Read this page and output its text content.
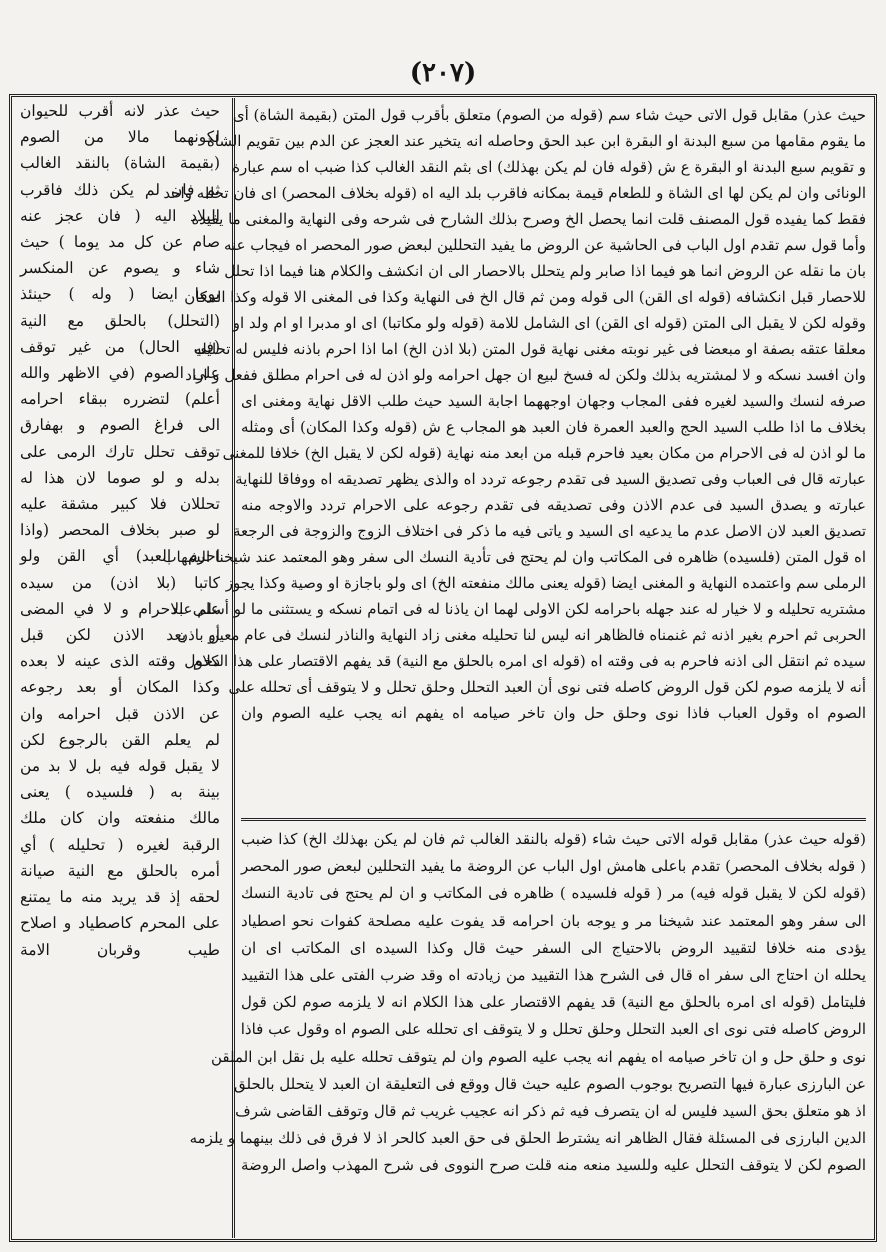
(٢٠٧)
حيث عذر لانه أقرب للحيوان
لكونهما مالا من الصوم
(بقيمة الشاة) بالنقد الغالب
ثم فان لم يكن ذلك فاقرب
البلاد اليه ( فان عجز عنه
صام عن كل مد يوما ) حيث
شاء و يصوم عن المنكسر
يوما ايضا ( وله ) حينئذ
(التحلل) بالحلق مع النية
(في الحال) من غير توقف
على الصوم (في الاظهر والله
أعلم) لتضرره ببقاء احرامه
الى فراغ الصوم و بهفارق
توقف تحلل تارك الرمى على
بدله و لو صوما لان هذا له
تحللان فلا كبير مشقة عليه
لو صبر بخلاف المحصر (واذا
احرم العبد) أي القن ولو
كاتبا (بلا اذن) من سيده
على الاحرام و لا في المضى
أو بعد الاذن لكن قبل
دخول وقته الذى عينه لا بعده
وكذا المكان أو بعد رجوعه
عن الاذن قبل احرامه وان
لم يعلم القن بالرجوع لكن
لا يقبل قوله فيه بل لا بد من
بينة به ( فلسيده ) يعنى
مالك منفعته وان كان ملك
الرقبة لغيره ( تحليله ) أي
أمره بالحلق مع النية صيانة
لحقه إذ قد يريد منه ما يمتنع
على المحرم كاصطياد و اصلاح
طيب وقربان الامة
حيث عذر) مقابل قول الاتى حيث شاء سم (قوله من الصوم) متعلق بأقرب قول المتن (بقيمة الشاة) أى
ما يقوم مقامها من سبع البدنة او البقرة ابن عبد الحق وحاصله انه يتخير عند العجز عن الدم بين تقويم الشاة
و تقويم سبع البدنة او البقرة ع ش (قوله فان لم يكن بهذلك) اى بثم النقد الغالب كذا ضبب اه سم عبارة
الونائى وان لم يكن لها اى الشاة و للطعام قيمة بمكانه فاقرب بلد اليه اه (قوله بخلاف المحصر) اى فان تحلله واحد
فقط كما يفيده قول المصنف قلت انما يحصل الخ وصرح بذلك الشارح فى شرحه وفى النهاية والمغنى ما يفيده
وأما قول سم تقدم اول الباب فى الحاشية عن الروض ما يفيد التحللين لبعض صور المحصر اه فيجاب عنه
بان ما نقله عن الروض انما هو فيما اذا صابر ولم يتحلل بالاحصار الى ان انكشف والكلام هنا فيما اذا تحلل
للاحصار قبل انكشافه (قوله اى القن) الى قوله ومن ثم قال الخ فى النهاية وكذا فى المغنى الا قوله وكذا المكان
وقوله لكن لا يقبل الى المتن (قوله اى القن) اى الشامل للامة (قوله ولو مكاتبا) اى او مدبرا او ام ولد او
معلقا عتقه بصفة او مبعضا فى غير نوبته مغنى نهاية قول المتن (بلا اذن الخ) اما اذا احرم باذنه فليس له تحليله
وان افسد نسكه و لا لمشتريه بذلك ولكن له فسخ لبيع ان جهل احرامه ولو اذن له فى احرام مطلق ففعل و اراد
صرفه لنسك والسيد لغيره ففى المجاب وجهان اوجههما اجابة السيد حيث طلب الاقل نهاية ومغنى اى
بخلاف ما اذا طلب السيد الحج والعبد العمرة فان العبد هو المجاب ع ش (قوله وكذا المكان) أى ومثله
ما لو اذن له فى الاحرام من مكان بعيد فاحرم قبله من ابعد منه نهاية (قوله لكن لا يقبل الخ) خلافا للمغنى
عبارته قال فى العباب وفى تصديق السيد فى تقدم رجوعه تردد اه والذى يظهر تصديقه اه ووفاقا للنهاية
عبارته و يصدق السيد فى عدم الاذن وفى تصديقه فى تقدم رجوعه على الاحرام تردد والاوجه منه
تصديق العبد لان الاصل عدم ما يدعيه اى السيد و ياتى فيه ما ذكر فى اختلاف الزوج والزوجة فى الرجعة
اه قول المتن (فلسيده) ظاهره فى المكاتب وان لم يحتج فى تأدية النسك الى سفر وهو المعتمد عند شيخنا الشهاب
الرملى سم واعتمده النهاية و المغنى ايضا (قوله يعنى مالك منفعته الخ) اى ولو باجازة او وصية وكذا يجوز
مشتريه تحليله و لا خيار له عند جهله باحرامه لكن الاولى لهما ان ياذنا له فى اتمام نسكه و يستثنى ما لو أسلم عبد
الحربى ثم احرم بغير اذنه ثم غنمناه فالظاهر انه ليس لنا تحليله مغنى زاد النهاية والناذر لنسك فى عام معين باذن
سيده ثم انتقل الى اذنه فاحرم به فى وقته اه (قوله اى امره بالحلق مع النية) قد يفهم الاقتصار على هذا الكلام
أنه لا يلزمه صوم لكن قول الروض كاصله فتى نوى أن العبد التحلل وحلق تحلل و لا يتوقف أى تحلله على
الصوم اه وقول العباب فاذا نوى وحلق حل وان تاخر صيامه اه يفهم انه يجب عليه الصوم وان
(قوله حيث عذر) مقابل قوله الاتى حيث شاء (قوله بالنقد الغالب ثم فان لم يكن بهذلك الخ) كذا ضبب
( قوله بخلاف المحصر) تقدم باعلى هامش اول الباب عن الروضة ما يفيد التحللين لبعض صور المحصر
(قوله لكن لا يقبل قوله فيه) مر ( قوله فلسيده ) ظاهره فى المكاتب و ان لم يحتج فى تادية النسك
الى سفر وهو المعتمد عند شيخنا مر و يوجه بان احرامه قد يفوت عليه مصلحة كفوات نحو اصطياد
يؤدى منه خلافا لتقييد الروض بالاحتياج الى السفر حيث قال وكذا السيده اى المكاتب اى ان
يحلله ان احتاج الى سفر اه قال فى الشرح هذا التقييد من زيادته اه وقد ضرب الفتى على هذا التقييد
فليتامل (قوله اى امره بالحلق مع النية) قد يفهم الاقتصار على هذا الكلام انه لا يلزمه صوم لكن قول
الروض كاصله فتى نوى اى العبد التحلل وحلق تحلل و لا يتوقف اى تحلله على الصوم اه وقول عب فاذا
نوى و حلق حل و ان تاخر صيامه اه يفهم انه يجب عليه الصوم وان لم يتوقف تحلله عليه بل نقل ابن الملقن
عن البارزى عبارة فيها التصريح بوجوب الصوم عليه حيث قال ووقع فى التعليقة ان العبد لا يتحلل بالحلق
اذ هو متعلق بحق السيد فليس له ان يتصرف فيه ثم ذكر انه عجيب غريب ثم قال وتوقف القاضى شرف
الدين البارزى فى المسئلة فقال الظاهر انه يشترط الحلق فى حق العبد كالحر اذ لا فرق فى ذلك بينهما و يلزمه
الصوم لكن لا يتوقف التحلل عليه وللسيد منعه منه قلت صرح النووى فى شرح المهذب واصل الروضة
